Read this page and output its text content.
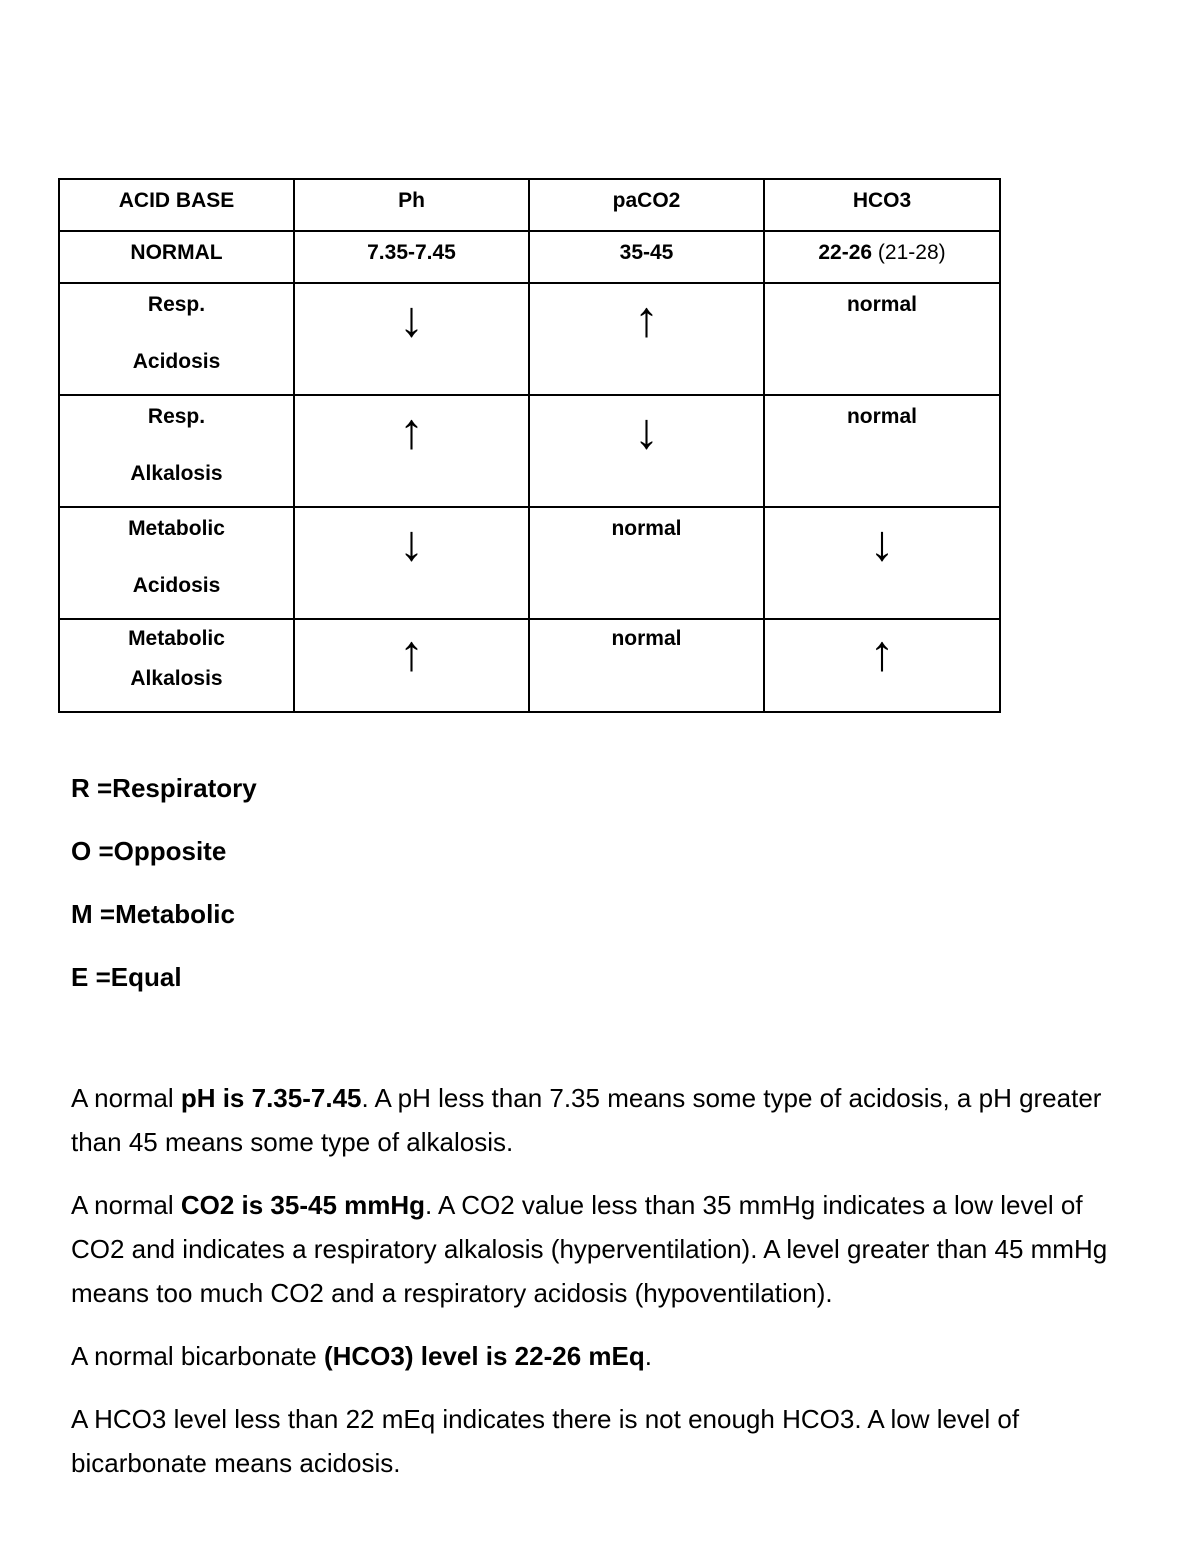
ACID BASE	Ph	paCO2	HCO3
NORMAL	7.35-7.45	35-45	22-26 (21-28)

Resp.
Acidosis	↓	↑	normal

Resp.
Alkalosis	↑	↓	normal

Metabolic
Acidosis	↓	normal	↓

Metabolic
Alkalosis	↑	normal	↑
R =Respiratory
O =Opposite
M =Metabolic
E =Equal

A normal pH is 7.35-7.45. A pH less than 7.35 means some type of acidosis, a pH greater than 45 means some type of alkalosis.

A normal CO2 is 35-45 mmHg. A CO2 value less than 35 mmHg indicates a low level of CO2 and indicates a respiratory alkalosis (hyperventilation). A level greater than 45 mmHg means too much CO2 and a respiratory acidosis (hypoventilation).

A normal bicarbonate (HCO3) level is 22-26 mEq.

A HCO3 level less than 22 mEq indicates there is not enough HCO3. A low level of bicarbonate means acidosis.
